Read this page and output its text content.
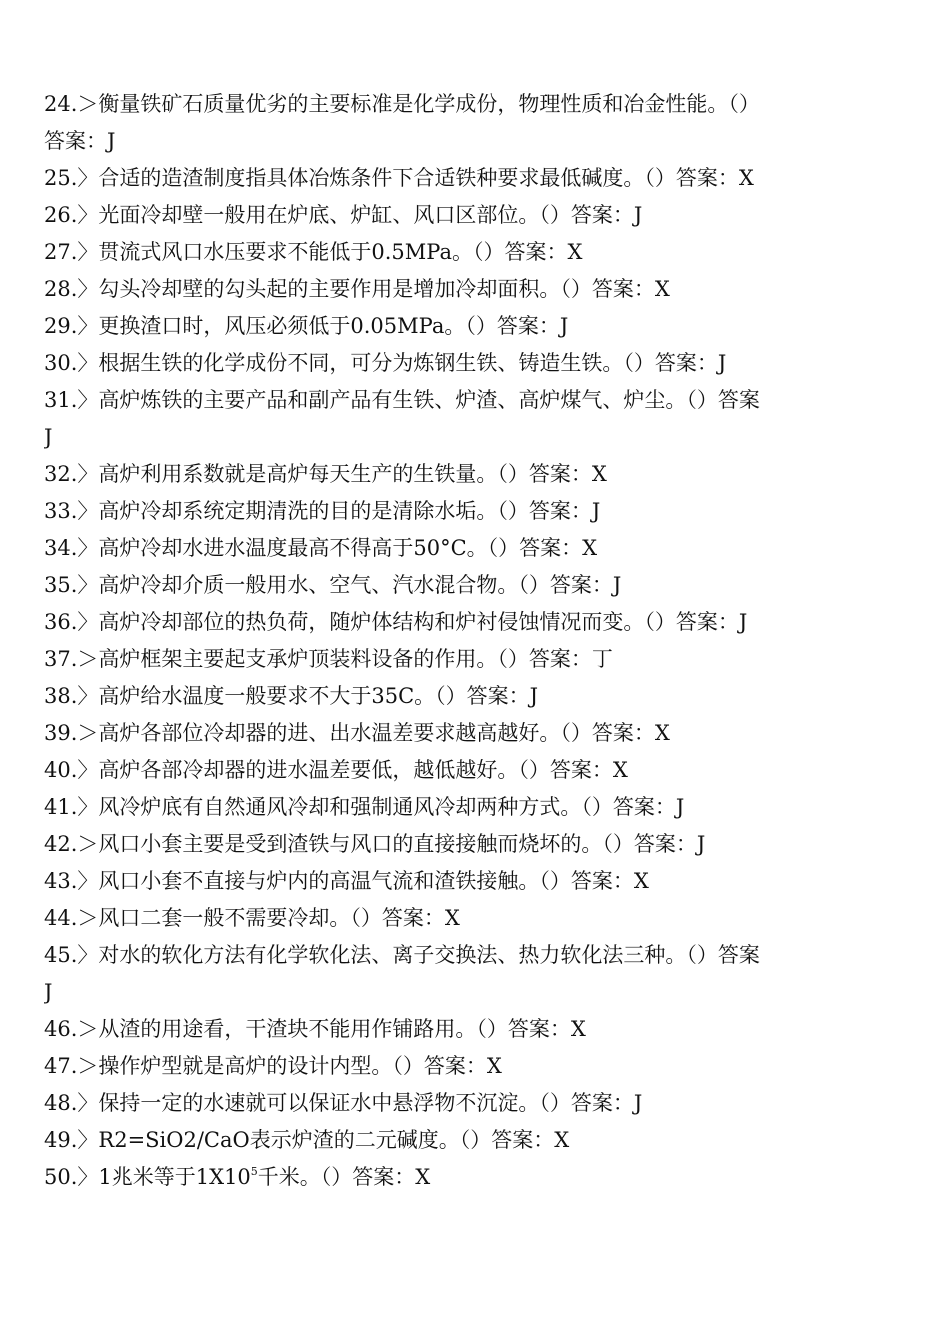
24.＞衡量铁矿石质量优劣的主要标准是化学成份，物理性质和冶金性能。（）
答案：J
25.〉合适的造渣制度指具体冶炼条件下合适铁种要求最低碱度。（）答案：X
26.〉光面冷却壁一般用在炉底、炉缸、风口区部位。（）答案：J
27.〉贯流式风口水压要求不能低于0.5MPa。（）答案：X
28.〉勾头冷却壁的勾头起的主要作用是增加冷却面积。（）答案：X
29.〉更换渣口时，风压必须低于0.05MPa。（）答案：J
30.〉根据生铁的化学成份不同，可分为炼钢生铁、铸造生铁。（）答案：J
31.〉高炉炼铁的主要产品和副产品有生铁、炉渣、高炉煤气、炉尘。（）答案
J
32.〉高炉利用系数就是高炉每天生产的生铁量。（）答案：X
33.〉高炉冷却系统定期清洗的目的是清除水垢。（）答案：J
34.〉高炉冷却水进水温度最高不得高于50°C。（）答案：X
35.〉高炉冷却介质一般用水、空气、汽水混合物。（）答案：J
36.〉高炉冷却部位的热负荷，随炉体结构和炉衬侵蚀情况而变。（）答案：J
37.＞高炉框架主要起支承炉顶装料设备的作用。（）答案：丁
38.〉高炉给水温度一般要求不大于35C。（）答案：J
39.＞高炉各部位冷却器的进、出水温差要求越高越好。（）答案：X
40.〉高炉各部冷却器的进水温差要低，越低越好。（）答案：X
41.〉风冷炉底有自然通风冷却和强制通风冷却两种方式。（）答案：J
42.＞风口小套主要是受到渣铁与风口的直接接触而烧坏的。（）答案：J
43.〉风口小套不直接与炉内的高温气流和渣铁接触。（）答案：X
44.＞风口二套一般不需要冷却。（）答案：X
45.〉对水的软化方法有化学软化法、离子交换法、热力软化法三种。（）答案
J
46.＞从渣的用途看，干渣块不能用作铺路用。（）答案：X
47.＞操作炉型就是高炉的设计内型。（）答案：X
48.〉保持一定的水速就可以保证水中悬浮物不沉淀。（）答案：J
49.〉R2=SiO2/CaO表示炉渣的二元碱度。（）答案：X
50.〉1兆米等于$1X10^5$千米。（）答案：X
